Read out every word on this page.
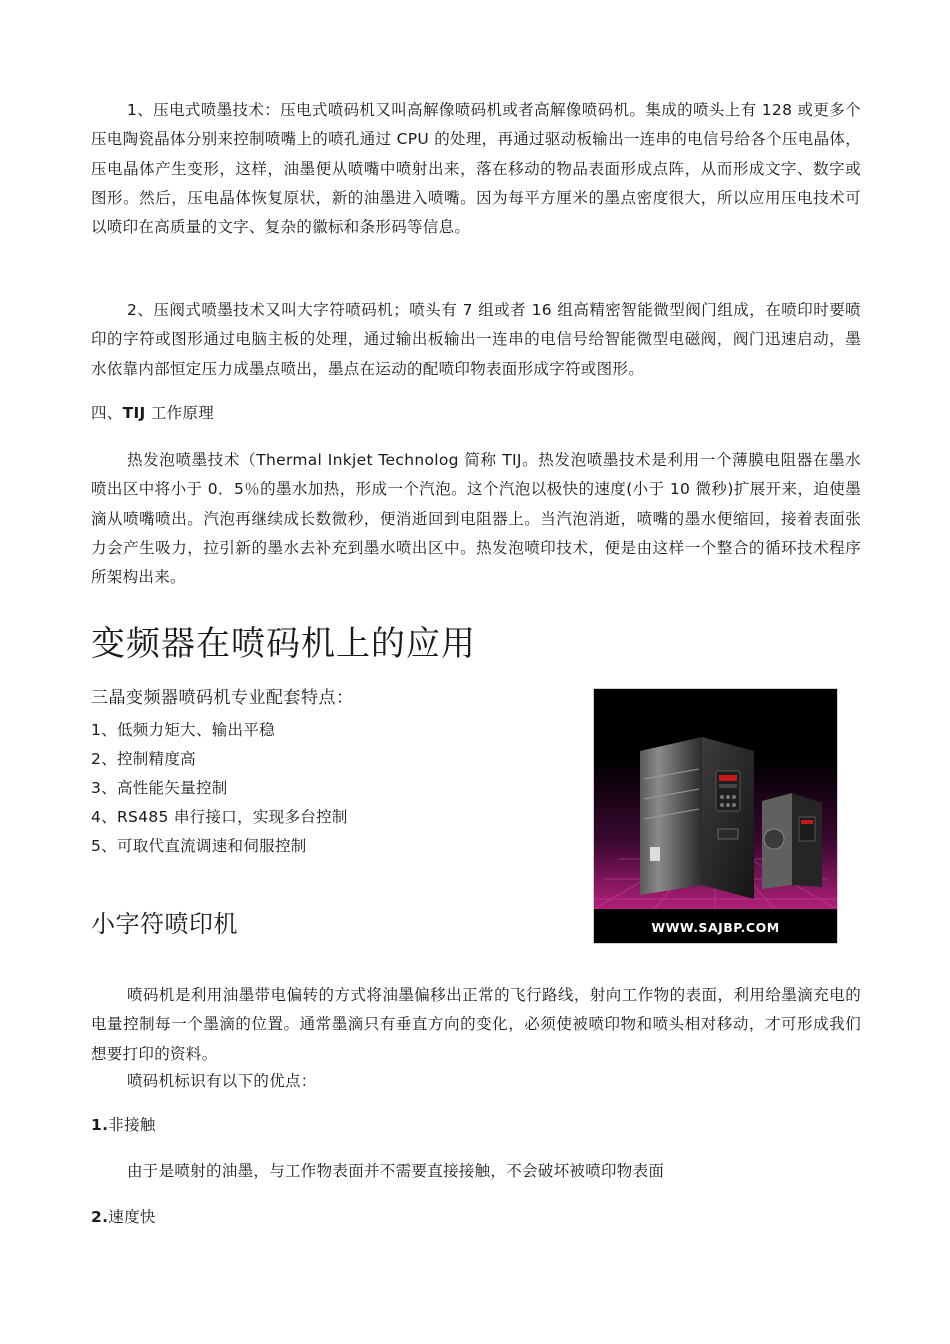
1、压电式喷墨技术：压电式喷码机又叫高解像喷码机或者高解像喷码机。集成的喷头上有 128 或更多个压电陶瓷晶体分别来控制喷嘴上的喷孔通过 CPU 的处理，再通过驱动板输出一连串的电信号给各个压电晶体，压电晶体产生变形，这样，油墨便从喷嘴中喷射出来，落在移动的物品表面形成点阵，从而形成文字、数字或图形。然后，压电晶体恢复原状，新的油墨进入喷嘴。因为每平方厘米的墨点密度很大，所以应用压电技术可以喷印在高质量的文字、复杂的徽标和条形码等信息。

2、压阀式喷墨技术又叫大字符喷码机；喷头有 7 组或者 16 组高精密智能微型阀门组成，在喷印时要喷印的字符或图形通过电脑主板的处理，通过输出板输出一连串的电信号给智能微型电磁阀，阀门迅速启动，墨水依靠内部恒定压力成墨点喷出，墨点在运动的配喷印物表面形成字符或图形。

四、TIJ 工作原理

热发泡喷墨技术（Thermal Inkjet Technolog 简称 TIJ。热发泡喷墨技术是利用一个薄膜电阻器在墨水喷出区中将小于 0．5％的墨水加热，形成一个汽泡。这个汽泡以极快的速度(小于 10 微秒)扩展开来，迫使墨滴从喷嘴喷出。汽泡再继续成长数微秒，便消逝回到电阻器上。当汽泡消逝，喷嘴的墨水便缩回，接着表面张力会产生吸力，拉引新的墨水去补充到墨水喷出区中。热发泡喷印技术，便是由这样一个整合的循环技术程序所架构出来。

变频器在喷码机上的应用
三晶变频器喷码机专业配套特点：
1、低频力矩大、输出平稳
2、控制精度高
3、高性能矢量控制
4、RS485 串行接口，实现多台控制
5、可取代直流调速和伺服控制
WWW.SAJBP.COM
小字符喷印机

喷码机是利用油墨带电偏转的方式将油墨偏移出正常的飞行路线，射向工作物的表面，利用给墨滴充电的电量控制每一个墨滴的位置。通常墨滴只有垂直方向的变化，必须使被喷印物和喷头相对移动，才可形成我们想要打印的资料。

喷码机标识有以下的优点：

1.非接触

由于是喷射的油墨，与工作物表面并不需要直接接触，不会破坏被喷印物表面

2.速度快
